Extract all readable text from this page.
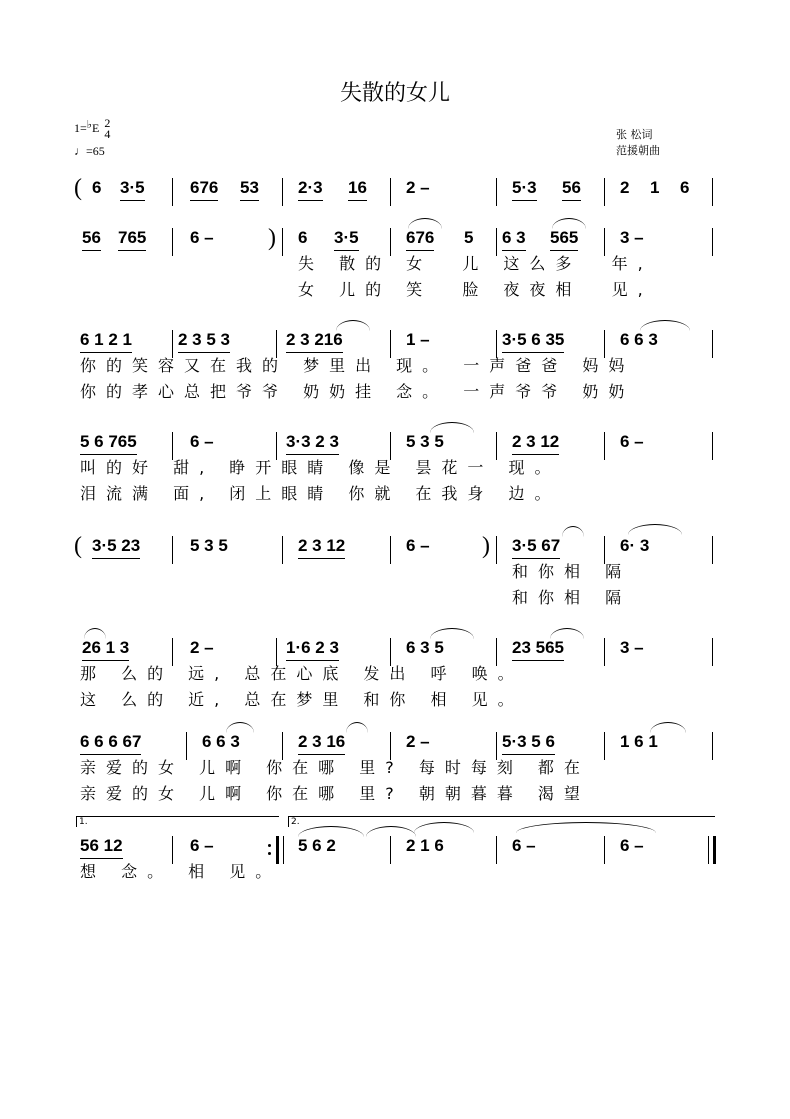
失散的女儿
1=♭E 2
4
♩=65
张 松词
范援朝曲
( 6 3·5	676 53 2·3 16 2 –	5·3 56 2 1 6
56 765	6 – ) 6 3·5	676 5 6 3 565 3 –
失 散的 女  儿 这么多  年,
女 儿的 笑  脸 夜夜相  见,
6 1 2 1	2 3 5 3	2 3 216	1 –	3·5 6 35	6 6 3
你的笑容又在我的 梦里出 现。 一声爸爸 妈妈
你的孝心总把爷爷 奶奶挂 念。 一声爷爷 奶奶
5 6 765	6 –	3·3 2 3	5 3 5	2 3 12	6 –
叫的好 甜, 睁开眼睛 像是 昙花一 现。
泪流满 面, 闭上眼睛 你就 在我身 边。
( 3·5 23	5 3 5	2 3 12	6 – ) 3·5 67	6· 3
和你相 隔
和你相 隔
26 1 3	2 –	1·6 2 3	6 3 5	23 565	3 –
那 么的 远, 总在心底 发出 呼 唤。
这 么的 近, 总在梦里 和你 相 见。
6 6 6 67	6 6 3	2 3 16	2 –	5·3 5 6	1 6 1
亲爱的女 儿啊 你在哪 里? 每时每刻 都在
亲爱的女 儿啊 你在哪 里? 朝朝暮暮 渴望
1.	2.
56 12	6 –	5 6 2	2 1 6	6 –	6 –
想 念。 相 见。
